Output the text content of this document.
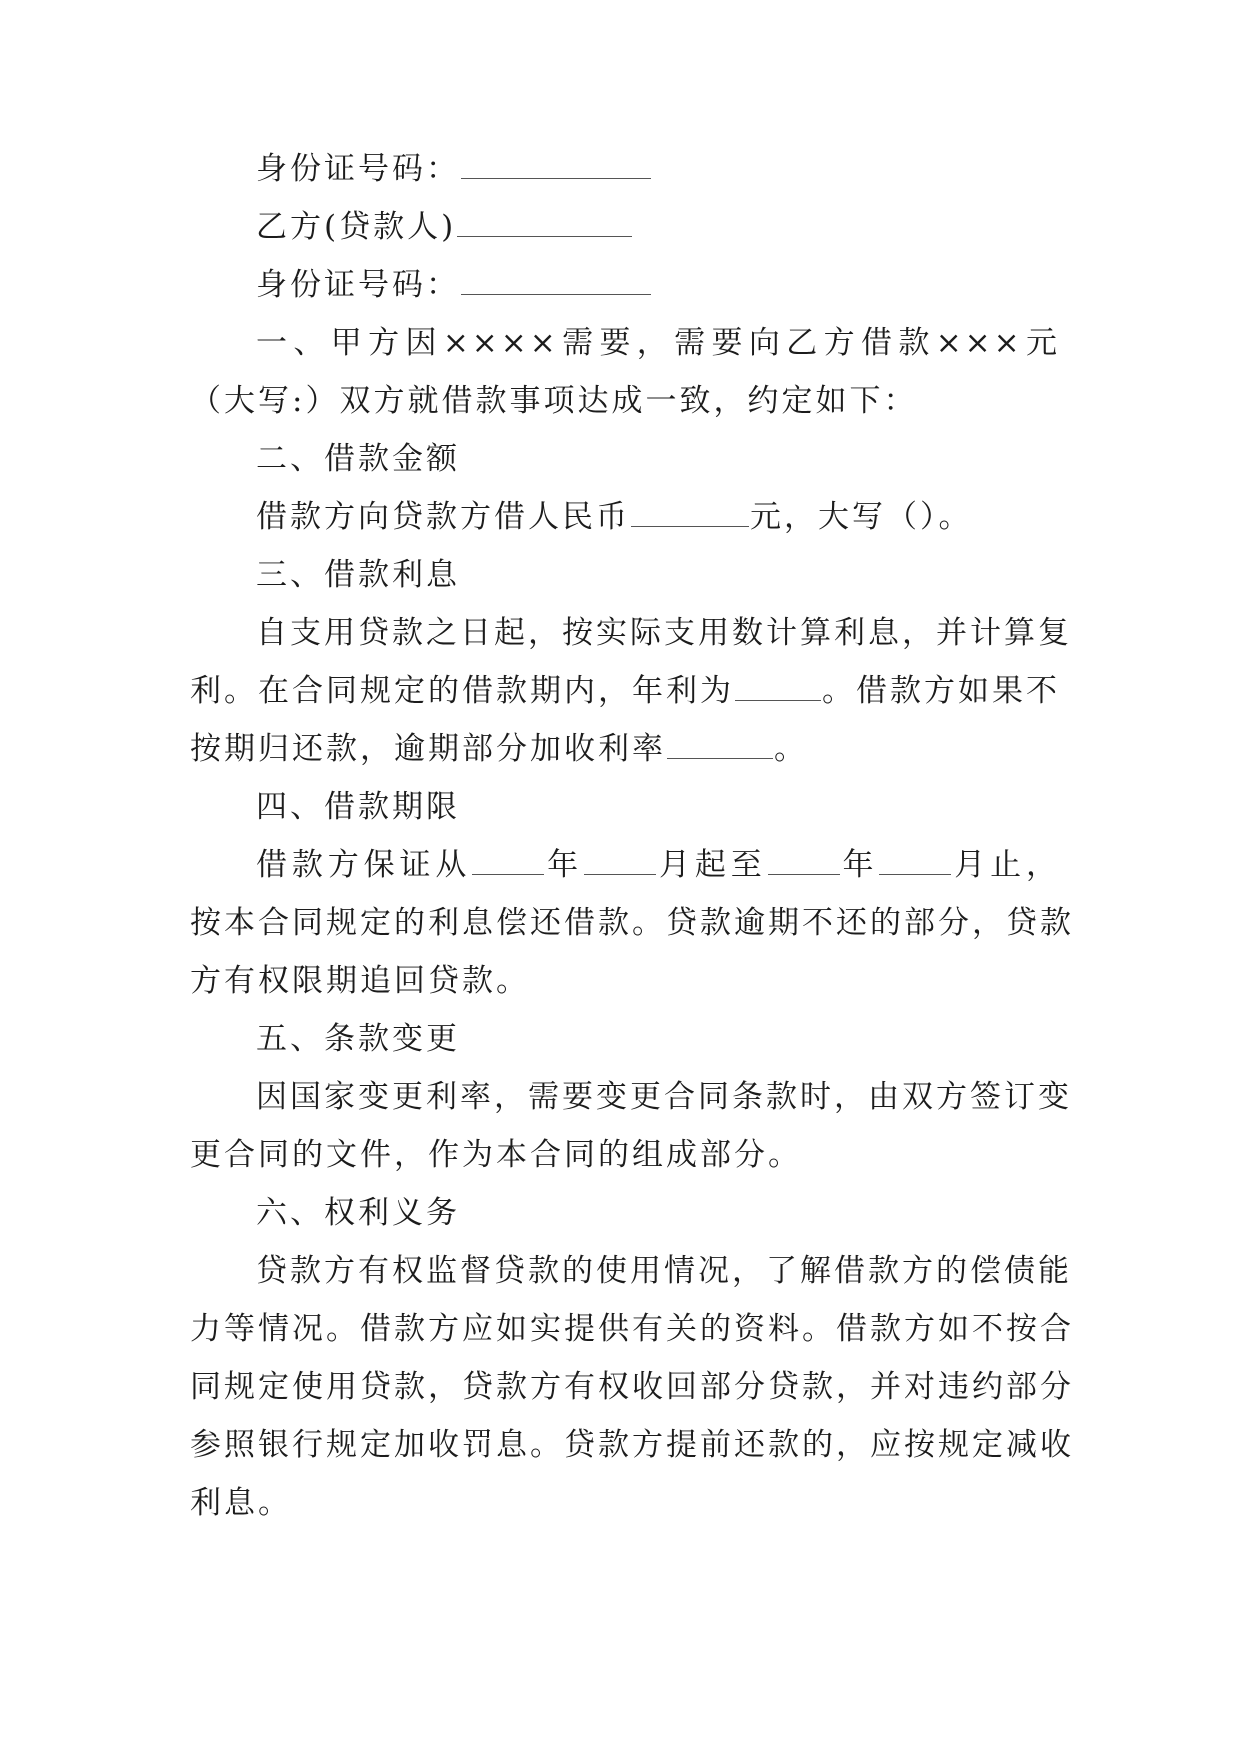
身份证号码：
乙方(贷款人)
身份证号码：
一、甲方因××××需要，需要向乙方借款×××元
（大写:）双方就借款事项达成一致，约定如下：
二、借款金额
借款方向贷款方借人民币	元，大写（）。
三、借款利息
自支用贷款之日起，按实际支用数计算利息，并计算复
利。在合同规定的借款期内，年利为	。借款方如果不
按期归还款，逾期部分加收利率	。
四、借款期限
借款方保证从 年 月起至 年 月止，
按本合同规定的利息偿还借款。贷款逾期不还的部分，贷款
方有权限期追回贷款。
五、条款变更
因国家变更利率，需要变更合同条款时，由双方签订变
更合同的文件，作为本合同的组成部分。
六、权利义务
贷款方有权监督贷款的使用情况，了解借款方的偿债能
力等情况。借款方应如实提供有关的资料。借款方如不按合
同规定使用贷款，贷款方有权收回部分贷款，并对违约部分
参照银行规定加收罚息。贷款方提前还款的，应按规定减收
利息。
